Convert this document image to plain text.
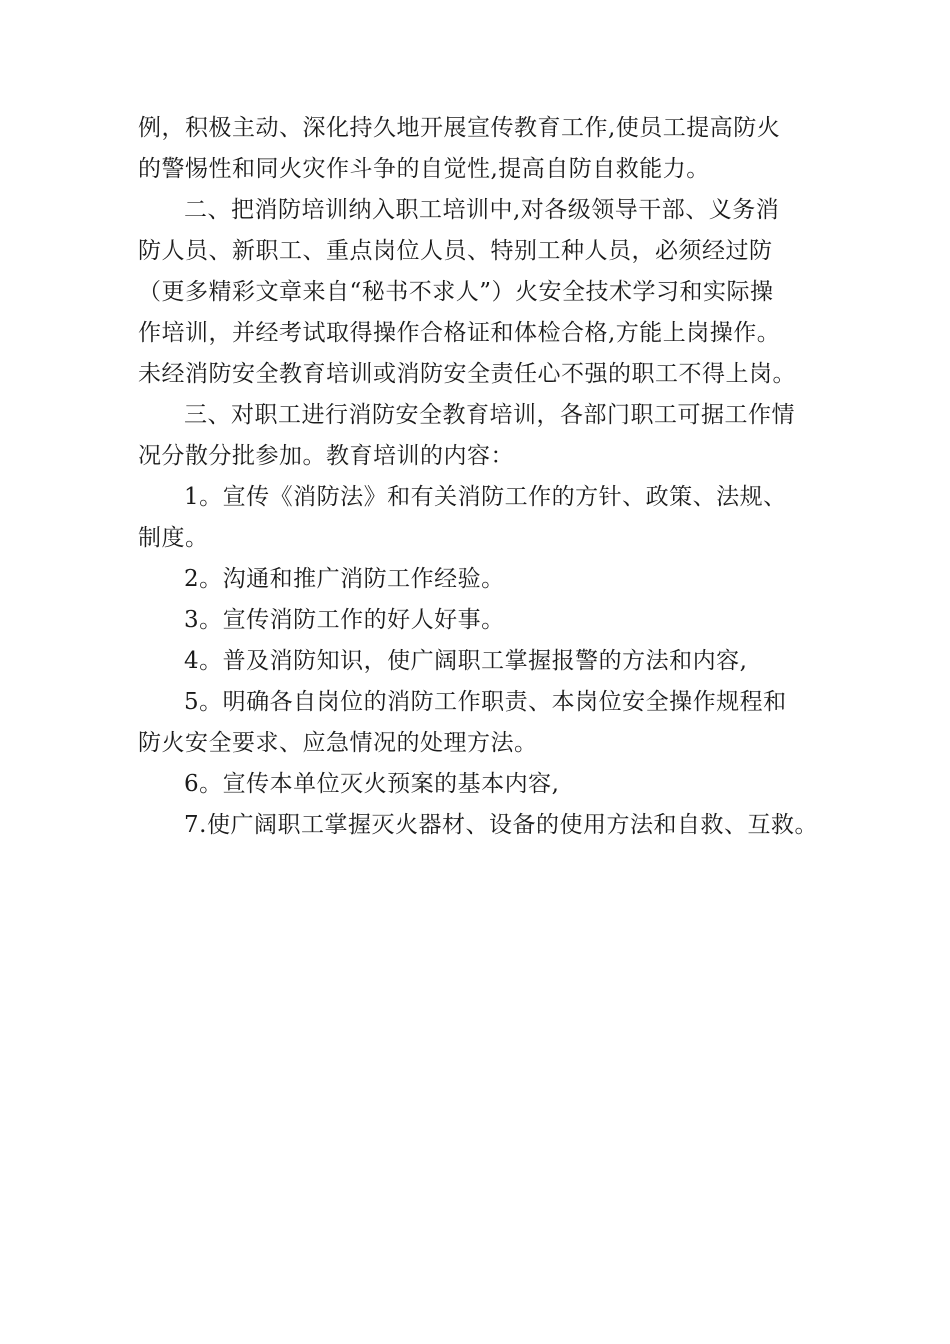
例，积极主动、深化持久地开展宣传教育工作,使员工提高防火
的警惕性和同火灾作斗争的自觉性,提高自防自救能力。

二、把消防培训纳入职工培训中,对各级领导干部、义务消
防人员、新职工、重点岗位人员、特别工种人员，必须经过防
（更多精彩文章来自“秘书不求人”）火安全技术学习和实际操
作培训，并经考试取得操作合格证和体检合格,方能上岗操作。
未经消防安全教育培训或消防安全责任心不强的职工不得上岗。

三、对职工进行消防安全教育培训，各部门职工可据工作情
况分散分批参加。教育培训的内容：

1。宣传《消防法》和有关消防工作的方针、政策、法规、
制度。

2。沟通和推广消防工作经验。

3。宣传消防工作的好人好事。

4。普及消防知识，使广阔职工掌握报警的方法和内容,

5。明确各自岗位的消防工作职责、本岗位安全操作规程和
防火安全要求、应急情况的处理方法。

6。宣传本单位灭火预案的基本内容,

7.使广阔职工掌握灭火器材、设备的使用方法和自救、互救。
